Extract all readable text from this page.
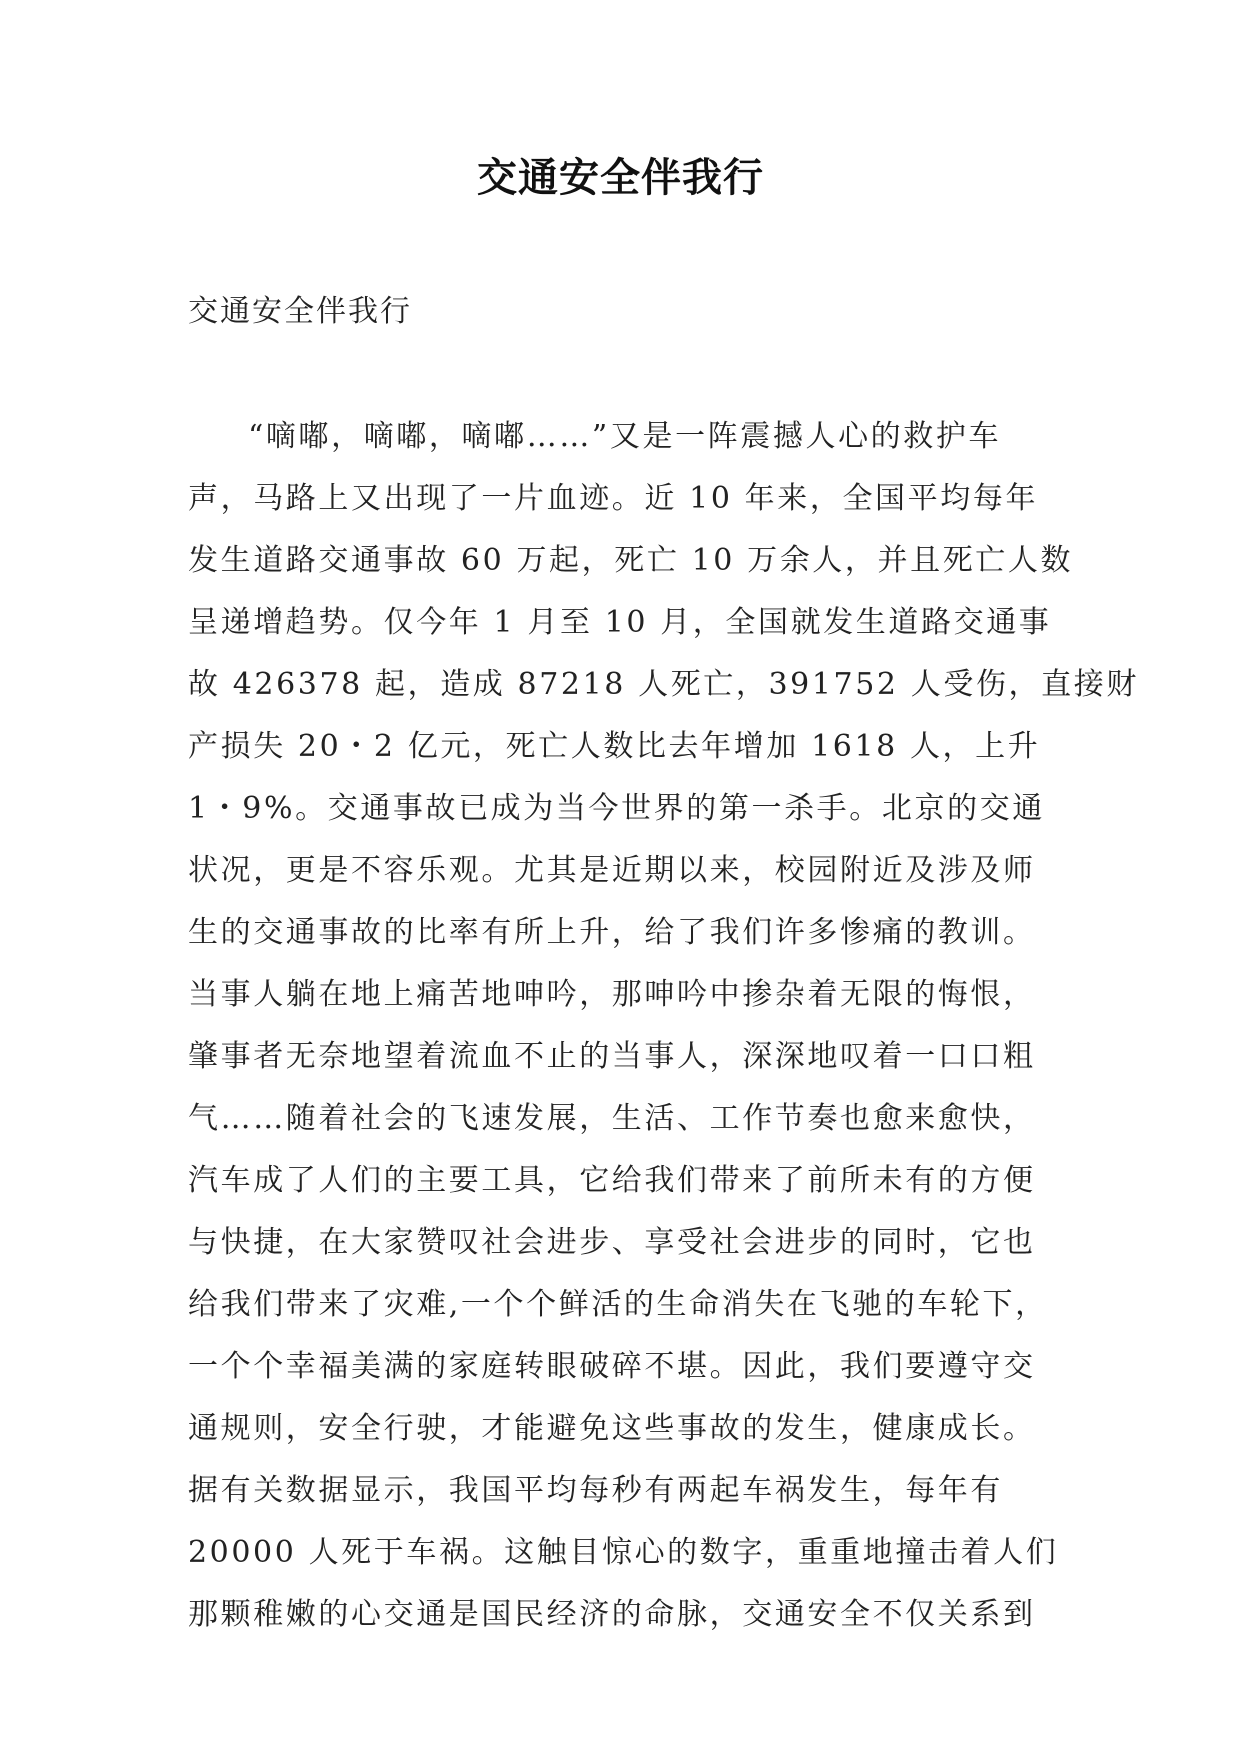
交通安全伴我行

交通安全伴我行

“嘀嘟，嘀嘟，嘀嘟……”又是一阵震撼人心的救护车
声，马路上又出现了一片血迹。近 10 年来，全国平均每年
发生道路交通事故 60 万起，死亡 10 万余人，并且死亡人数
呈递增趋势。仅今年 1 月至 10 月，全国就发生道路交通事
故 426378 起，造成 87218 人死亡，391752 人受伤，直接财
产损失 20・2 亿元，死亡人数比去年增加 1618 人，上升
1・9%。交通事故已成为当今世界的第一杀手。北京的交通
状况，更是不容乐观。尤其是近期以来，校园附近及涉及师
生的交通事故的比率有所上升，给了我们许多惨痛的教训。
当事人躺在地上痛苦地呻吟，那呻吟中掺杂着无限的悔恨，
肇事者无奈地望着流血不止的当事人，深深地叹着一口口粗
气……随着社会的飞速发展，生活、工作节奏也愈来愈快，
汽车成了人们的主要工具，它给我们带来了前所未有的方便
与快捷，在大家赞叹社会进步、享受社会进步的同时，它也
给我们带来了灾难,一个个鲜活的生命消失在飞驰的车轮下，
一个个幸福美满的家庭转眼破碎不堪。因此，我们要遵守交
通规则，安全行驶，才能避免这些事故的发生，健康成长。
据有关数据显示，我国平均每秒有两起车祸发生，每年有
20000 人死于车祸。这触目惊心的数字，重重地撞击着人们
那颗稚嫩的心交通是国民经济的命脉，交通安全不仅关系到
